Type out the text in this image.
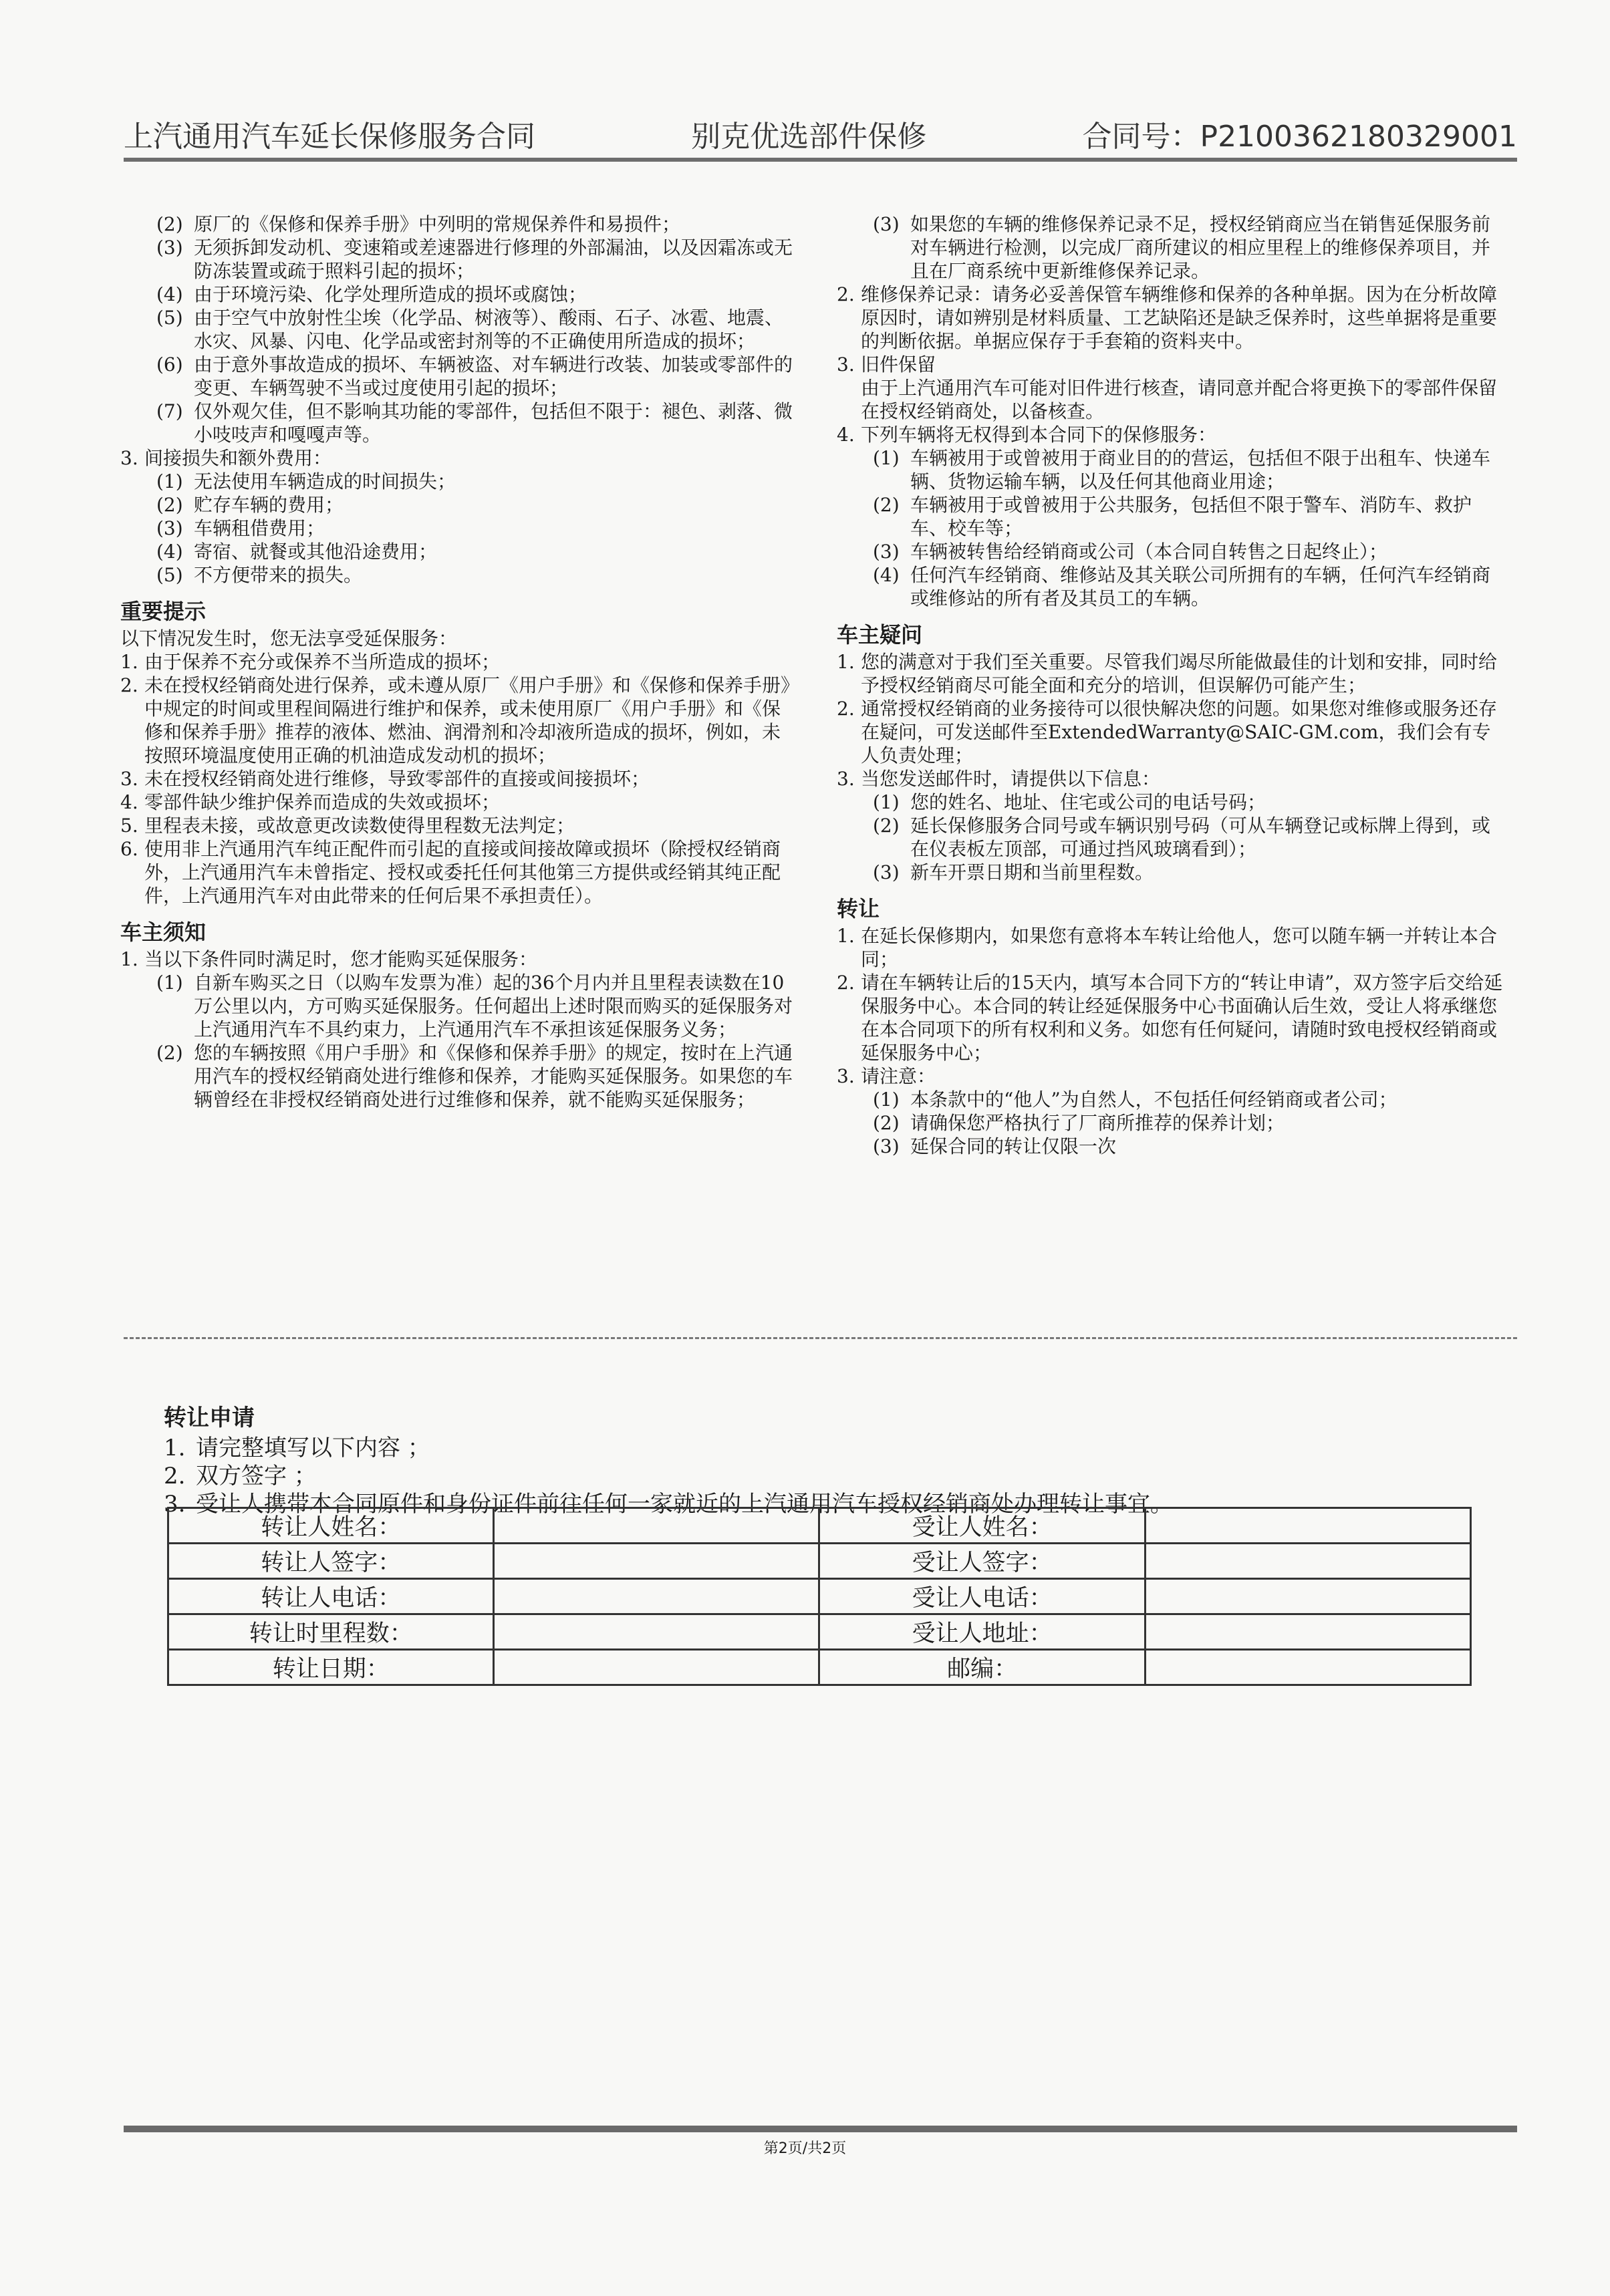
上汽通用汽车延长保修服务合同	别克优选部件保修	合同号：P2100362180329001
(2) 原厂的《保修和保养手册》中列明的常规保养件和易损件；
(3) 无须拆卸发动机、变速箱或差速器进行修理的外部漏油，以及因霜冻或无防冻装置或疏于照料引起的损坏；
(4) 由于环境污染、化学处理所造成的损坏或腐蚀；
(5) 由于空气中放射性尘埃（化学品、树液等）、酸雨、石子、冰雹、地震、水灾、风暴、闪电、化学品或密封剂等的不正确使用所造成的损坏；
(6) 由于意外事故造成的损坏、车辆被盗、对车辆进行改装、加装或零部件的变更、车辆驾驶不当或过度使用引起的损坏；
(7) 仅外观欠佳，但不影响其功能的零部件，包括但不限于：褪色、剥落、微小吱吱声和嘎嘎声等。
3. 间接损失和额外费用：
(1) 无法使用车辆造成的时间损失；
(2) 贮存车辆的费用；
(3) 车辆租借费用；
(4) 寄宿、就餐或其他沿途费用；
(5) 不方便带来的损失。
重要提示
以下情况发生时，您无法享受延保服务：
1. 由于保养不充分或保养不当所造成的损坏；
2. 未在授权经销商处进行保养，或未遵从原厂《用户手册》和《保修和保养手册》中规定的时间或里程间隔进行维护和保养，或未使用原厂《用户手册》和《保修和保养手册》推荐的液体、燃油、润滑剂和冷却液所造成的损坏，例如，未按照环境温度使用正确的机油造成发动机的损坏；
3. 未在授权经销商处进行维修，导致零部件的直接或间接损坏；
4. 零部件缺少维护保养而造成的失效或损坏；
5. 里程表未接，或故意更改读数使得里程数无法判定；
6. 使用非上汽通用汽车纯正配件而引起的直接或间接故障或损坏（除授权经销商外，上汽通用汽车未曾指定、授权或委托任何其他第三方提供或经销其纯正配件，上汽通用汽车对由此带来的任何后果不承担责任）。
车主须知
1. 当以下条件同时满足时，您才能购买延保服务：
(1) 自新车购买之日（以购车发票为准）起的36个月内并且里程表读数在10万公里以内，方可购买延保服务。任何超出上述时限而购买的延保服务对上汽通用汽车不具约束力，上汽通用汽车不承担该延保服务义务；
(2) 您的车辆按照《用户手册》和《保修和保养手册》的规定，按时在上汽通用汽车的授权经销商处进行维修和保养，才能购买延保服务。如果您的车辆曾经在非授权经销商处进行过维修和保养，就不能购买延保服务；
(3) 如果您的车辆的维修保养记录不足，授权经销商应当在销售延保服务前对车辆进行检测，以完成厂商所建议的相应里程上的维修保养项目，并且在厂商系统中更新维修保养记录。
2. 维修保养记录：请务必妥善保管车辆维修和保养的各种单据。因为在分析故障原因时，请如辨别是材料质量、工艺缺陷还是缺乏保养时，这些单据将是重要的判断依据。单据应保存于手套箱的资料夹中。
3. 旧件保留
由于上汽通用汽车可能对旧件进行核查，请同意并配合将更换下的零部件保留在授权经销商处，以备核查。
4. 下列车辆将无权得到本合同下的保修服务：
(1) 车辆被用于或曾被用于商业目的的营运，包括但不限于出租车、快递车辆、货物运输车辆，以及任何其他商业用途；
(2) 车辆被用于或曾被用于公共服务，包括但不限于警车、消防车、救护车、校车等；
(3) 车辆被转售给经销商或公司（本合同自转售之日起终止）；
(4) 任何汽车经销商、维修站及其关联公司所拥有的车辆，任何汽车经销商或维修站的所有者及其员工的车辆。
车主疑问
1. 您的满意对于我们至关重要。尽管我们竭尽所能做最佳的计划和安排，同时给予授权经销商尽可能全面和充分的培训，但误解仍可能产生；
2. 通常授权经销商的业务接待可以很快解决您的问题。如果您对维修或服务还存在疑问，可发送邮件至ExtendedWarranty@SAIC-GM.com，我们会有专人负责处理；
3. 当您发送邮件时，请提供以下信息：
(1) 您的姓名、地址、住宅或公司的电话号码；
(2) 延长保修服务合同号或车辆识别号码（可从车辆登记或标牌上得到，或在仪表板左顶部，可通过挡风玻璃看到）；
(3) 新车开票日期和当前里程数。
转让
1. 在延长保修期内，如果您有意将本车转让给他人，您可以随车辆一并转让本合同；
2. 请在车辆转让后的15天内，填写本合同下方的“转让申请”，双方签字后交给延保服务中心。本合同的转让经延保服务中心书面确认后生效，受让人将承继您在本合同项下的所有权利和义务。如您有任何疑问，请随时致电授权经销商或延保服务中心；
3. 请注意：
(1) 本条款中的“他人”为自然人，不包括任何经销商或者公司；
(2) 请确保您严格执行了厂商所推荐的保养计划；
(3) 延保合同的转让仅限一次
转让申请
1. 请完整填写以下内容 ；
2. 双方签字 ；
3. 受让人携带本合同原件和身份证件前往任何一家就近的上汽通用汽车授权经销商处办理转让事宜。
转让人姓名：		受让人姓名：	
转让人签字：		受让人签字：	
转让人电话：		受让人电话：	
转让时里程数：		受让人地址：	
转让日期：		邮编：	
第2页/共2页
